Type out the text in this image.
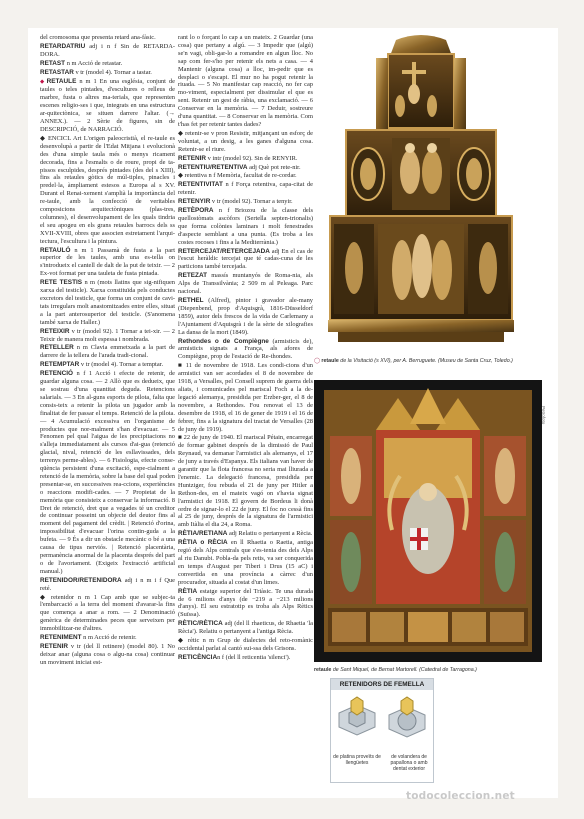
del cromosoma que presenta retard ana-fàsic.
RETARDATRIU adj i n f Sin de RETARDA-DORA.
RETAST n m Acció de retastar.
RETASTAR v tr (model 4). Tornar a tastar.
◆RETAULE n m 1 En una església, conjunt de taules o teles pintades, d'escultures o relleus de marbre, fusta o altres ma-terials, que representen escenes religio-ses i que, integrats en una estructura ar-quitectònica, se situen darrere l'altar. (→ ANNEX.). — 2 Sèrie de figures, sin de DESCRIPCIÓ, de NARRACIÓ.
◆ ENCICL Art L'origen paleocristià, el re-taule es desenvolupà a partir de l'Edat Mitjana i evolucionà des d'una simple taula més o menys ricament decorada, fins a l'esmalts o de roure, propi de ta-pissos esculpides, després pintades (des del s XIII), fins als retaules gòtics de múl-tiples, pinacles i predel·la, àmpliament estesos a Europa al s XV. Durant el Renai-xement s'amplià la importància del re-taule, amb la confecció de veritables composicions arquitectòniques (plas-tres, columnes), el desenvolupament de les quals tindria el seu apogeu en els grans retaules barrocs dels ss XVII-XVIII, obres que associen estretament l'arqui-tectura, l'escultura i la pintura.
RETAULÓ n m 1 Passamà de fusta a la part superior de les taules, amb una es-tella on s'introdueix el cantell de dalt de la put de teixir. — 2 Ex-vot format per una tauleta de fusta pintada.
RETE TESTIS n m (mots llatins que sig-nifiquen xarxa del testicle). Xarxa constituïda pels conductes excretors del testicle, que forma un conjunt de cavi-tats irregulars molt anastomitzades entre elles, situat a la part anterosuperior del testicle. (S'anomena també xarxa de Haller.)
RETEIXIR v tr (model 92). 1 Tornar a tei-xir. — 2 Teixir de manera molt espessa i nombrada.
RETELLER n m Clavia emmetxada a la part de darrere de la tellera de l'arada tradi-cional.
RETEMPTAR v tr (model 4). Tornar a temptar.
RETENCIÓ n f 1 Acció i efecte de retenir, de guardar alguna cosa. — 2 Allò que es dedueix, que se sostrau d'una quantitat deguda. Retencions salarials. — 3 En al-guns esports de pilota, falta que consis-teix a retenir la pilota un jugador amb la finalitat de fer passar el temps. Retenció de la pilota. — 4 Acumulació excessiva en l'organisme de productes que nor-malment s'han d'evacuar. — 5 Fenomen pel qual l'aigua de les precipitacions no s'alleja immediatament als cursos d'ai-gua (retenció glacial, nival, retenció de les esllavissades, dels terrenys perme-ables). — 6 Fisiologia, efecte conse-qüència persistent d'una excitació, espe-cialment a retenció de la memòria, sobre la base del qual poden presentar-se, en successives rea-ccions, experiències o reaccions modifi-cades. — 7 Propietat de la memòria que consisteix a conservar la informació. 8 Dret de retenció, dret que a vegades té un creditor de continuar posseint un objecte del deutor fins al moment del pagament del crèdit. | Retenció d'orina, impossibilitat d'evacuar l'orina contin-guda a la bufeta. — 9 És a dir un obstacle mecànic o bé a una causa de tipus nerviós. | Retenció placentària, permanència anormal de la placenta després del part o de l'avortament. (Exigeix l'extracció artificial manual.)
RETENIDOR/RETENIDORA adj i n m i f Que reté.
◆ retenidor n m 1 Cap amb que se subjec-ta l'embarcació a la terra del moment d'avarar-la fins que comença a anar a rom. — 2 Denominació genèrica de determinades peces que serveixen per immobilitzar-ne d'altres.
RETENIMENT n m Acció de retenir.
RETENIR v tr (del ll retinere) (model 80). 1 No deixar anar (alguna cosa o algu-na cosa) continuar un moviment iniciat est-
rant lo o forçant lo cap a un mateix. 2 Guardar (una cosa) que pertany a algú. — 3 Impedir que (algú) se'n vagi, obli-gar-lo a romandre en algun lloc. No sap com fer-s'ho per retenir els nets a casa. — 4 Mantenir (alguna cosa) a lloc, im-pedir que es desplaci o s'escapi. El mur no ha pogut retenir la riuada. — 5 No manifestar cap reacció, no fer cap mo-viment, especialment per dissimular el que es sent. Retenir un gest de ràbia, una exclamació. — 6 Conservar en la memòria. — 7 Deduir, sostreure d'una quantitat. — 8 Conservar en la memòria. Com t'has fet per retenir tantes dades?
◆ retenir-se v pron Resistir, mitjançant un esforç de voluntat, a un desig, a les ganes d'alguna cosa. Retenir-se el riure.
RETENIR v intr (model 92). Sin de RENYIR.
RETENTIU/RETENTIVA adj Què pot rete-nir.
◆ retentiva n f Memòria, facultat de re-cordar.
RETENTIVITAT n f Força retentiva, capa-citat de retenir.
RETENYIR v tr (model 92). Tornar a tenyir.
RETÈPORA n f Briozou de la classe dels quellostòmats ascòfors (Sertella septen-trionalis) que forma colònies laminars i molt fenestrades d'aspecte semblant a una punta. (Es troba a les costes rocoses i fins a la Mediterrània.)
RETERCEJAT/RETERCEJADA adj En el cas de l'escut heràldic tercejat que té cadas-cuna de les particions també tercejada.
RETEZAT massís muntanyós de Roma-nia, als Alps de Transsilvània; 2 509 m al Peleaga. Parc nacional.
RETHEL (Alfred), pintor i gravador ale-many (Diepenbend, prop d'Aquisgrà, 1816-Düsseldorf 1859), autor dels frescos de la vida de Carlemany a l'Ajuntament d'Aquisgrà i de la sèrie de xilografies La dansa de la mort (1849).
Rethondes o de Compiègne (armisticis de), armisticis signats a França, als afores de Compiègne, prop de l'estació de Re-thondes.
■ 11 de novembre de 1918. Les condi-cions d'un armistici van ser acordades el 8 de novembre de 1918, a Versalles, pel Consell suprem de guerra dels aliats, i comunicades pel mariscal Foch a la de-legació alemanya, presidida per Erzber-ger, el 8 de novembre, a Rethondes. Fou renovat el 13 de desembre de 1918, el 16 de gener de 1919 i el 16 de febrer, fins a la signatura del tractat de Versalles (28 de juny de 1919).
■ 22 de juny de 1940. El mariscal Pétain, encarregat de formar gabinet després de la dimissió de Paul Reynaud, va demanar l'armistici als alemanys, el 17 de juny a través d'Espanya. Els italians van haver de garantir que la flota francesa no seria mai lliurada a l'enemic. La delegació francesa, presidida per Huntziger, fou rebuda el 21 de juny per Hitler a Rethon-des, en el mateix vagó on s'havia signat l'armistici de 1918. El govern de Bordeus li donà ordre de signar-lo el 22 de juny. El foc no cessà fins al 25 de juny, després de la signatura de l'armistici amb Itàlia el dia 24, a Roma.
RÈTIA/RETIANA adj Relatiu o pertanyent a Rècia.
RÈTIA o RÈCIA en ll Rhaetia o Raetia, antiga regió dels Alps centrals que s'es-tenia des dels Alps al riu Danubi. Pobla-da pels retis, va ser conquerida en temps d'August per Tiberi i Drus (15 aC) i convertida en una província a càrrec d'un procurador, situada al costat d'un limes.
RÈTIA estatge superior del Triàsic. Te una durada de 6 milions d'anys (de −219 a −213 milions d'anys). El seu estratotip es troba als Alps Rètics (Suïssa).
RÈTIC/RÈTICA adj (del ll rhaeticus, de Rhaetia 'la Rècia'). Relatiu o pertanyent a l'antiga Rècia.
◆ rètic n m Grup de dialectes del reto-romànic occidental parlat al cantó sui-ssa dels Grisons.
RETICÈNCIAn f (del ll reticentia 'silenci').
◯ retaule de la Visitació (s XVI), per A. Berruguete. (Museu de Santa Cruz, Toledo.)
Petrofoto
retaule de Sant Miquel, de Bernat Martorell. (Catedral de Tarragona.)
RETENIDORS DE FEMELLA
de platina proveïts de llengüetes
de volandera de papallona o amb dentat exterior
todocoleccion.net
